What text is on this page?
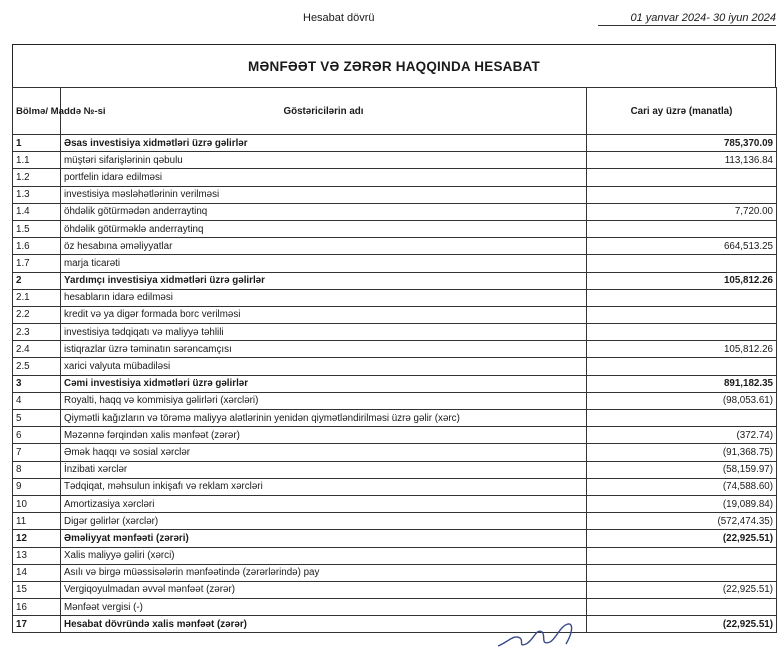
Hesabat dövrü	01 yanvar 2024- 30 iyun 2024
MƏNFƏƏT VƏ ZƏRƏR HAQQINDA HESABAT
Bölmə/ Maddə №-si	Göstəricilərin adı	Cari ay üzrə (manatla)
1	Əsas investisiya xidmətləri üzrə gəlirlər	785,370.09
1.1	müştəri sifarişlərinin qəbulu	113,136.84
1.2	portfelin idarə edilməsi	
1.3	investisiya məsləhətlərinin verilməsi	
1.4	öhdəlik götürmədən anderraytinq	7,720.00
1.5	öhdəlik götürməklə anderraytinq	
1.6	öz hesabına əməliyyatlar	664,513.25
1.7	marja ticarəti	
2	Yardımçı investisiya xidmətləri üzrə gəlirlər	105,812.26
2.1	hesabların idarə edilməsi	
2.2	kredit və ya digər formada borc verilməsi	
2.3	investisiya tədqiqatı və maliyyə təhlili	
2.4	istiqrazlar üzrə təminatın sərəncamçısı	105,812.26
2.5	xarici valyuta mübadiləsi	
3	Cəmi investisiya xidmətləri üzrə gəlirlər	891,182.35
4	Royalti, haqq və kommisiya gəlirləri (xərcləri)	(98,053.61)
5	Qiymətli kağızların və törəmə maliyyə alətlərinin yenidən qiymətləndirilməsi üzrə gəlir (xərc)	
6	Məzənnə fərqindən xalis mənfəət (zərər)	(372.74)
7	Əmək haqqı və sosial xərclər	(91,368.75)
8	İnzibati xərclər	(58,159.97)
9	Tədqiqat, məhsulun inkişafı və reklam xərcləri	(74,588.60)
10	Amortizasiya xərcləri	(19,089.84)
11	Digər gəlirlər (xərclər)	(572,474.35)
12	Əməliyyat mənfəəti (zərəri)	(22,925.51)
13	Xalis maliyyə gəliri (xərci)	
14	Asılı və birgə müəssisələrin mənfəətində (zərərlərində) pay	
15	Vergiqoyulmadan əvvəl mənfəət (zərər)	(22,925.51)
16	Mənfəət vergisi (-)	
17	Hesabat dövründə xalis mənfəət (zərər)	(22,925.51)
